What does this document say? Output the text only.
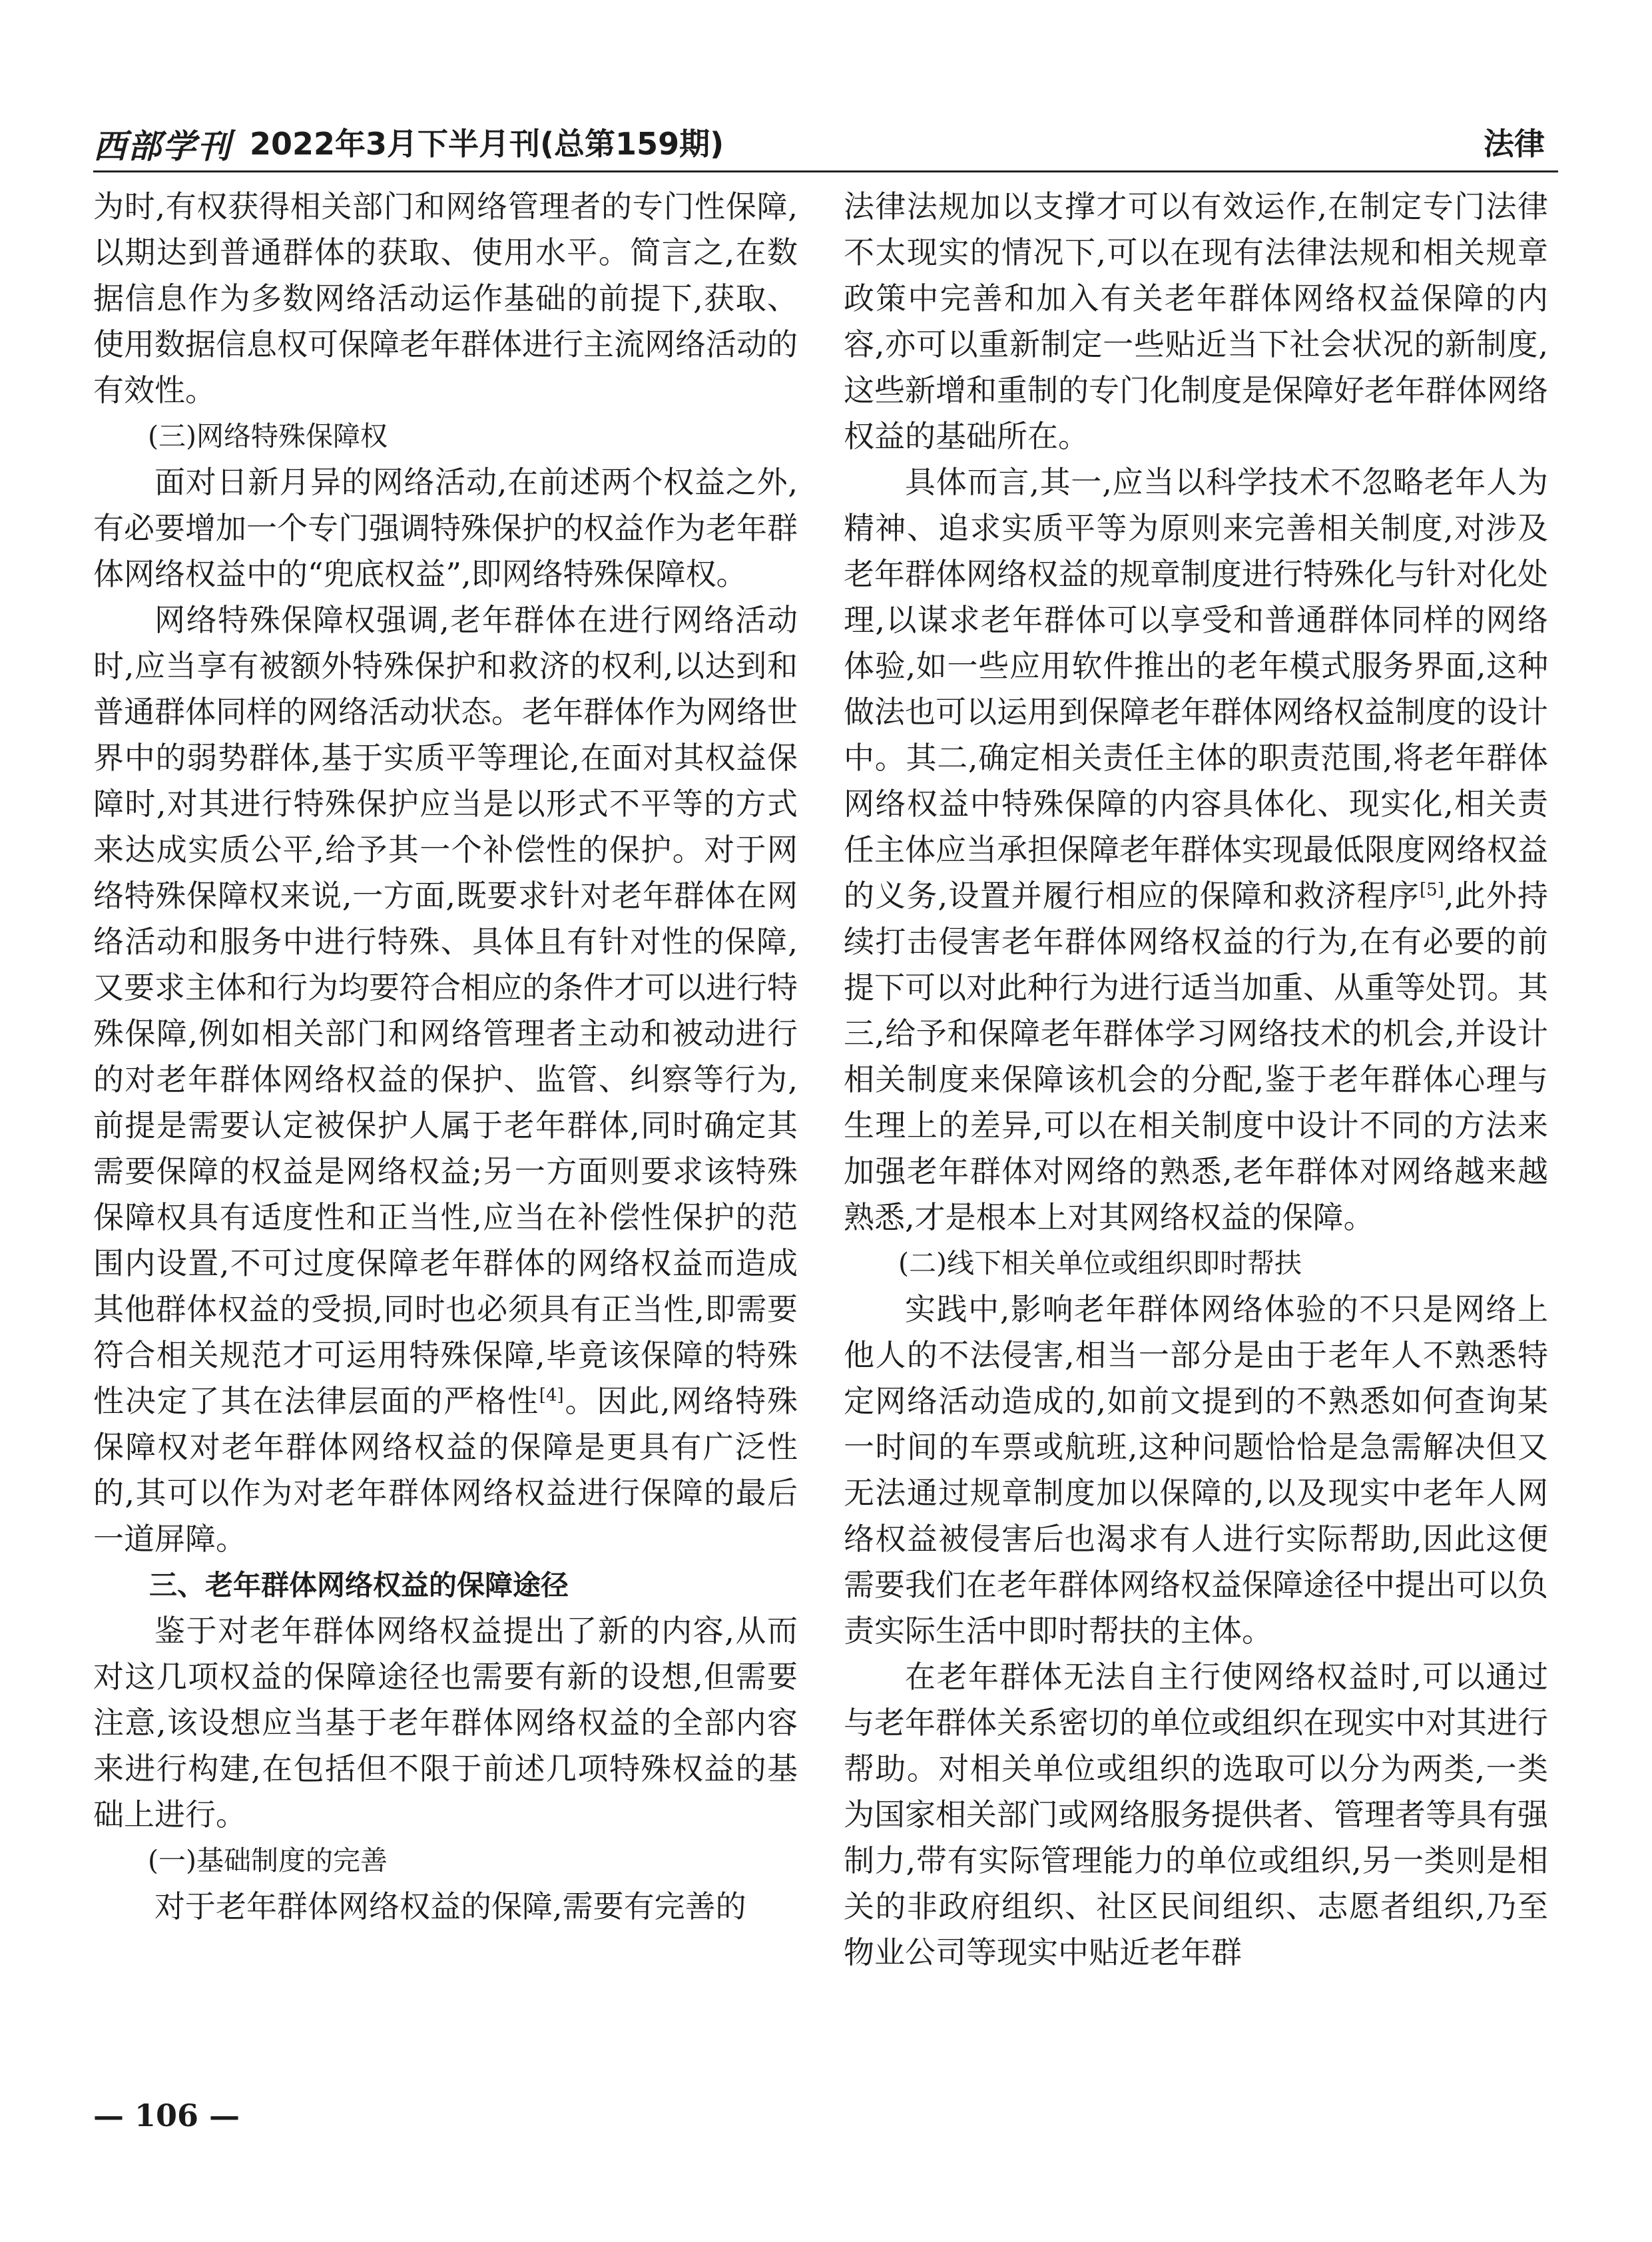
西部学刊 2022年3月下半月刊(总第159期)	法律

为时,有权获得相关部门和网络管理者的专门性保障,以期达到普通群体的获取、使用水平。简言之,在数据信息作为多数网络活动运作基础的前提下,获取、使用数据信息权可保障老年群体进行主流网络活动的有效性。

(三)网络特殊保障权

面对日新月异的网络活动,在前述两个权益之外,有必要增加一个专门强调特殊保护的权益作为老年群体网络权益中的“兜底权益”,即网络特殊保障权。

网络特殊保障权强调,老年群体在进行网络活动时,应当享有被额外特殊保护和救济的权利,以达到和普通群体同样的网络活动状态。老年群体作为网络世界中的弱势群体,基于实质平等理论,在面对其权益保障时,对其进行特殊保护应当是以形式不平等的方式来达成实质公平,给予其一个补偿性的保护。对于网络特殊保障权来说,一方面,既要求针对老年群体在网络活动和服务中进行特殊、具体且有针对性的保障,又要求主体和行为均要符合相应的条件才可以进行特殊保障,例如相关部门和网络管理者主动和被动进行的对老年群体网络权益的保护、监管、纠察等行为,前提是需要认定被保护人属于老年群体,同时确定其需要保障的权益是网络权益;另一方面则要求该特殊保障权具有适度性和正当性,应当在补偿性保护的范围内设置,不可过度保障老年群体的网络权益而造成其他群体权益的受损,同时也必须具有正当性,即需要符合相关规范才可运用特殊保障,毕竟该保障的特殊性决定了其在法律层面的严格性[4]。因此,网络特殊保障权对老年群体网络权益的保障是更具有广泛性的,其可以作为对老年群体网络权益进行保障的最后一道屏障。

三、老年群体网络权益的保障途径

鉴于对老年群体网络权益提出了新的内容,从而对这几项权益的保障途径也需要有新的设想,但需要注意,该设想应当基于老年群体网络权益的全部内容来进行构建,在包括但不限于前述几项特殊权益的基础上进行。

(一)基础制度的完善

对于老年群体网络权益的保障,需要有完善的

法律法规加以支撑才可以有效运作,在制定专门法律不太现实的情况下,可以在现有法律法规和相关规章政策中完善和加入有关老年群体网络权益保障的内容,亦可以重新制定一些贴近当下社会状况的新制度,这些新增和重制的专门化制度是保障好老年群体网络权益的基础所在。

具体而言,其一,应当以科学技术不忽略老年人为精神、追求实质平等为原则来完善相关制度,对涉及老年群体网络权益的规章制度进行特殊化与针对化处理,以谋求老年群体可以享受和普通群体同样的网络体验,如一些应用软件推出的老年模式服务界面,这种做法也可以运用到保障老年群体网络权益制度的设计中。其二,确定相关责任主体的职责范围,将老年群体网络权益中特殊保障的内容具体化、现实化,相关责任主体应当承担保障老年群体实现最低限度网络权益的义务,设置并履行相应的保障和救济程序[5],此外持续打击侵害老年群体网络权益的行为,在有必要的前提下可以对此种行为进行适当加重、从重等处罚。其三,给予和保障老年群体学习网络技术的机会,并设计相关制度来保障该机会的分配,鉴于老年群体心理与生理上的差异,可以在相关制度中设计不同的方法来加强老年群体对网络的熟悉,老年群体对网络越来越熟悉,才是根本上对其网络权益的保障。

(二)线下相关单位或组织即时帮扶

实践中,影响老年群体网络体验的不只是网络上他人的不法侵害,相当一部分是由于老年人不熟悉特定网络活动造成的,如前文提到的不熟悉如何查询某一时间的车票或航班,这种问题恰恰是急需解决但又无法通过规章制度加以保障的,以及现实中老年人网络权益被侵害后也渴求有人进行实际帮助,因此这便需要我们在老年群体网络权益保障途径中提出可以负责实际生活中即时帮扶的主体。

在老年群体无法自主行使网络权益时,可以通过与老年群体关系密切的单位或组织在现实中对其进行帮助。对相关单位或组织的选取可以分为两类,一类为国家相关部门或网络服务提供者、管理者等具有强制力,带有实际管理能力的单位或组织,另一类则是相关的非政府组织、社区民间组织、志愿者组织,乃至物业公司等现实中贴近老年群

— 106 —
